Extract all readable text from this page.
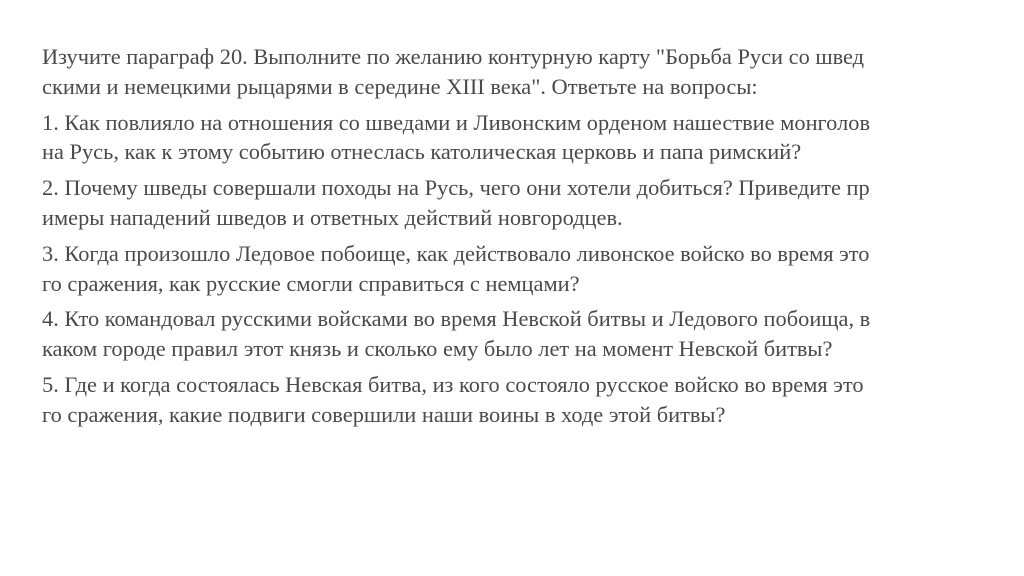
Изучите параграф 20. Выполните по желанию контурную карту "Борьба Руси со швед
скими и немецкими рыцарями в середине XIII века". Ответьте на вопросы:

1. Как повлияло на отношения со шведами и Ливонским орденом нашествие монголов
на Русь, как к этому событию отнеслась католическая церковь и папа римский?

2. Почему шведы совершали походы на Русь, чего они хотели добиться? Приведите пр
имеры нападений шведов и ответных действий новгородцев.

3. Когда произошло Ледовое побоище, как действовало ливонское войско во время это
го сражения, как русские смогли справиться с немцами?

4. Кто командовал русскими войсками во время Невской битвы и Ледового побоища, в
каком городе правил этот князь и сколько ему было лет на момент Невской битвы?

5. Где и когда состоялась Невская битва, из кого состояло русское войско во время это
го сражения, какие подвиги совершили наши воины в ходе этой битвы?
